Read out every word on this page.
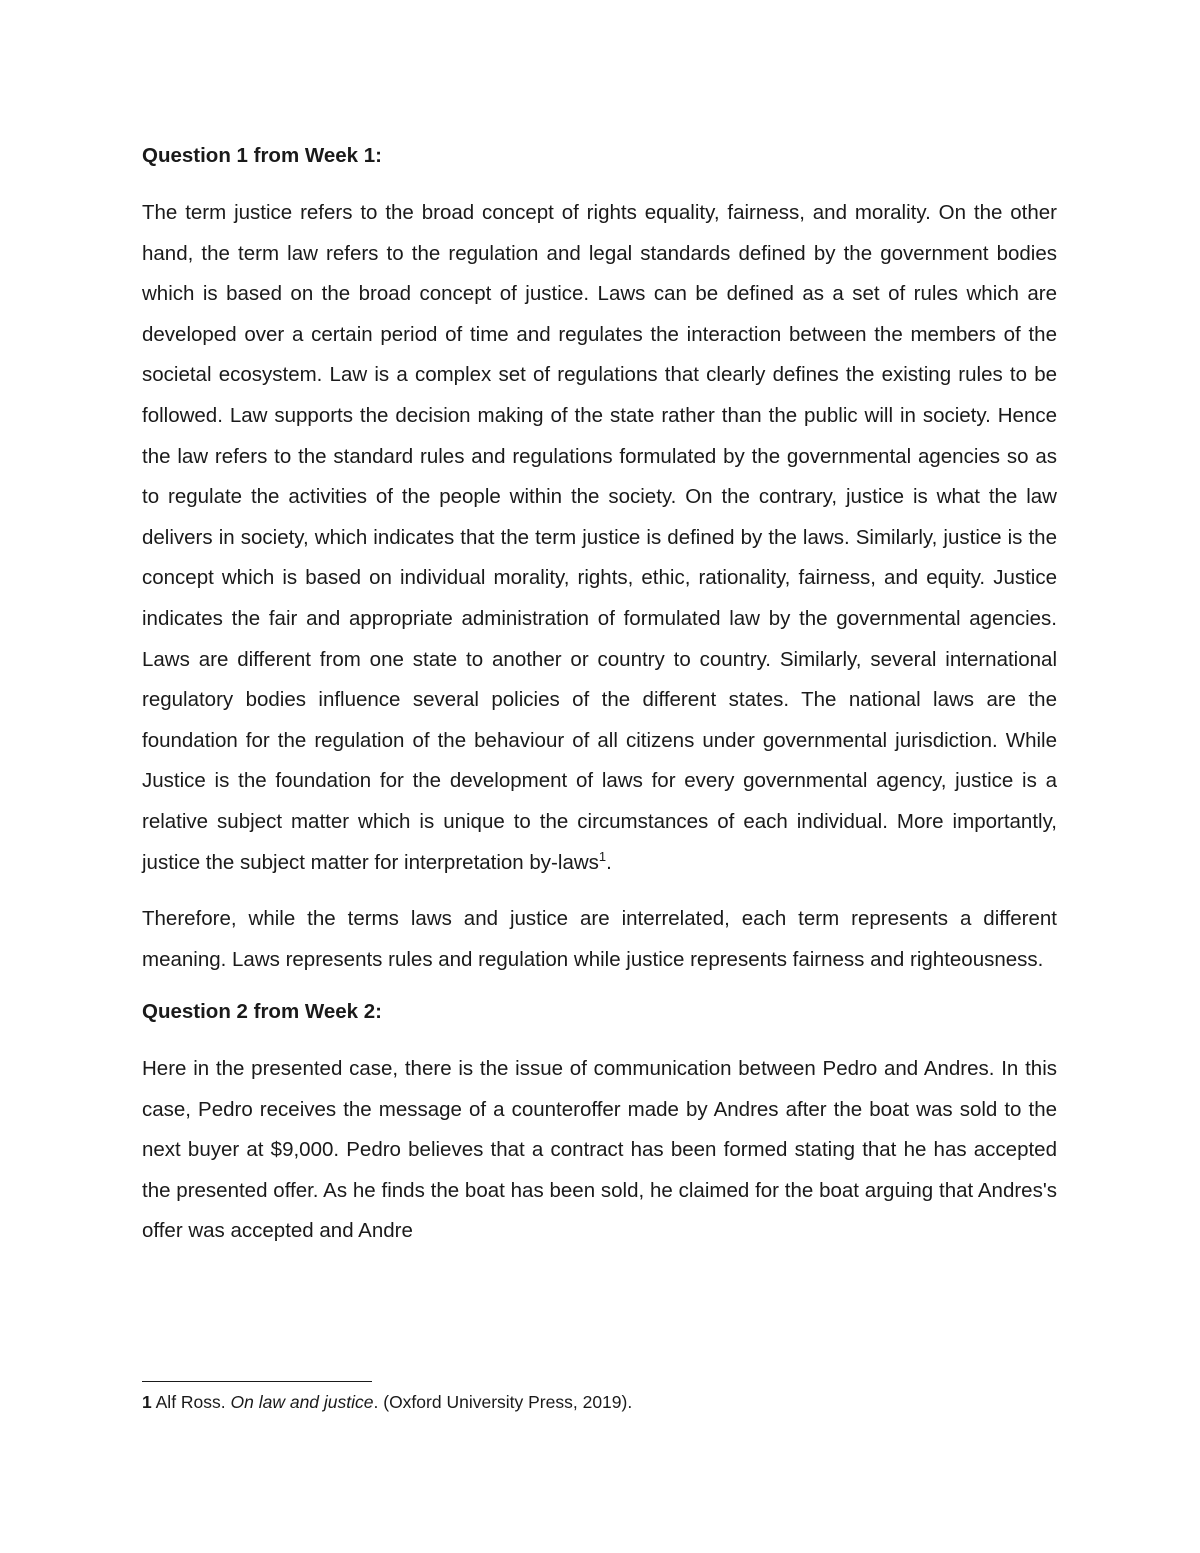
Question 1 from Week 1:

The term justice refers to the broad concept of rights equality, fairness, and morality. On the other hand, the term law refers to the regulation and legal standards defined by the government bodies which is based on the broad concept of justice. Laws can be defined as a set of rules which are developed over a certain period of time and regulates the interaction between the members of the societal ecosystem. Law is a complex set of regulations that clearly defines the existing rules to be followed. Law supports the decision making of the state rather than the public will in society. Hence the law refers to the standard rules and regulations formulated by the governmental agencies so as to regulate the activities of the people within the society. On the contrary, justice is what the law delivers in society, which indicates that the term justice is defined by the laws. Similarly, justice is the concept which is based on individual morality, rights, ethic, rationality, fairness, and equity. Justice indicates the fair and appropriate administration of formulated law by the governmental agencies. Laws are different from one state to another or country to country. Similarly, several international regulatory bodies influence several policies of the different states. The national laws are the foundation for the regulation of the behaviour of all citizens under governmental jurisdiction. While Justice is the foundation for the development of laws for every governmental agency, justice is a relative subject matter which is unique to the circumstances of each individual. More importantly, justice the subject matter for interpretation by-laws$^1$.

Therefore, while the terms laws and justice are interrelated, each term represents a different meaning. Laws represents rules and regulation while justice represents fairness and righteousness.

Question 2 from Week 2:

Here in the presented case, there is the issue of communication between Pedro and Andres. In this case, Pedro receives the message of a counteroffer made by Andres after the boat was sold to the next buyer at $9,000. Pedro believes that a contract has been formed stating that he has accepted the presented offer. As he finds the boat has been sold, he claimed for the boat arguing that Andres's offer was accepted and Andre

1 Alf Ross. On law and justice. (Oxford University Press, 2019).
